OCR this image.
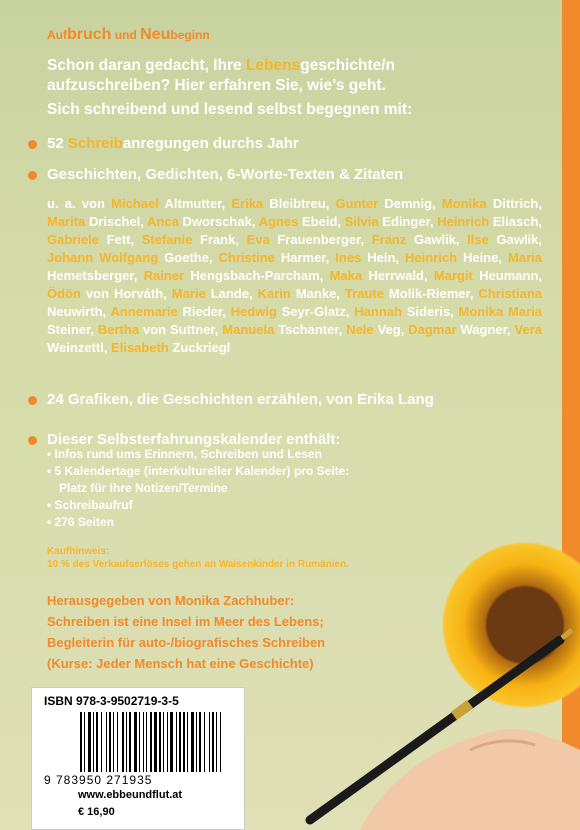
Aufbruch und Neubeginn
Schon daran gedacht, Ihre Lebensgeschichte/n
aufzuschreiben? Hier erfahren Sie, wie’s geht.
Sich schreibend und lesend selbst begegnen mit:
52 Schreibanregungen durchs Jahr
Geschichten, Gedichten, 6-Worte-Texten & Zitaten
u. a. von Michael Altmutter, Erika Bleibtreu, Gunter Demnig, Monika Dittrich, Marita Drischel, Anca Dworschak, Agnes Ebeid, Silvia Edinger, Heinrich Eliasch, Gabriele Fett, Stefanie Frank, Eva Frauenberger, Franz Gawlik, Ilse Gawlik, Johann Wolfgang Goethe, Christine Harmer, Ines Hein, Heinrich Heine, Maria Hemetsberger, Rainer Hengsbach-Parcham, Maka Herrwald, Margit Heumann, Ödön von Horváth, Marie Lande, Karin Manke, Traute Molik-Riemer, Christiana Neuwirth, Annemarie Rieder, Hedwig Seyr-Glatz, Hannah Sideris, Monika Maria Steiner, Bertha von Suttner, Manuela Tschanter, Nele Veg, Dagmar Wagner, Vera Weinzettl, Elisabeth Zuckriegl
24 Grafiken, die Geschichten erzählen, von Erika Lang
Dieser Selbsterfahrungskalender enthält:
• Infos rund ums Erinnern, Schreiben und Lesen
• 5 Kalendertage (interkultureller Kalender) pro Seite:
Platz für Ihre Notizen/Termine
• Schreibaufruf
• 276 Seiten
Kaufhinweis:
10 % des Verkaufserlöses gehen an Waisenkinder in Rumänien.
Herausgegeben von Monika Zachhuber:
Schreiben ist eine Insel im Meer des Lebens;
Begleiterin für auto-/biografisches Schreiben
(Kurse: Jeder Mensch hat eine Geschichte)
ISBN 978-3-9502719-3-5
9 783950 271935
www.ebbeundflut.at
€ 16,90
